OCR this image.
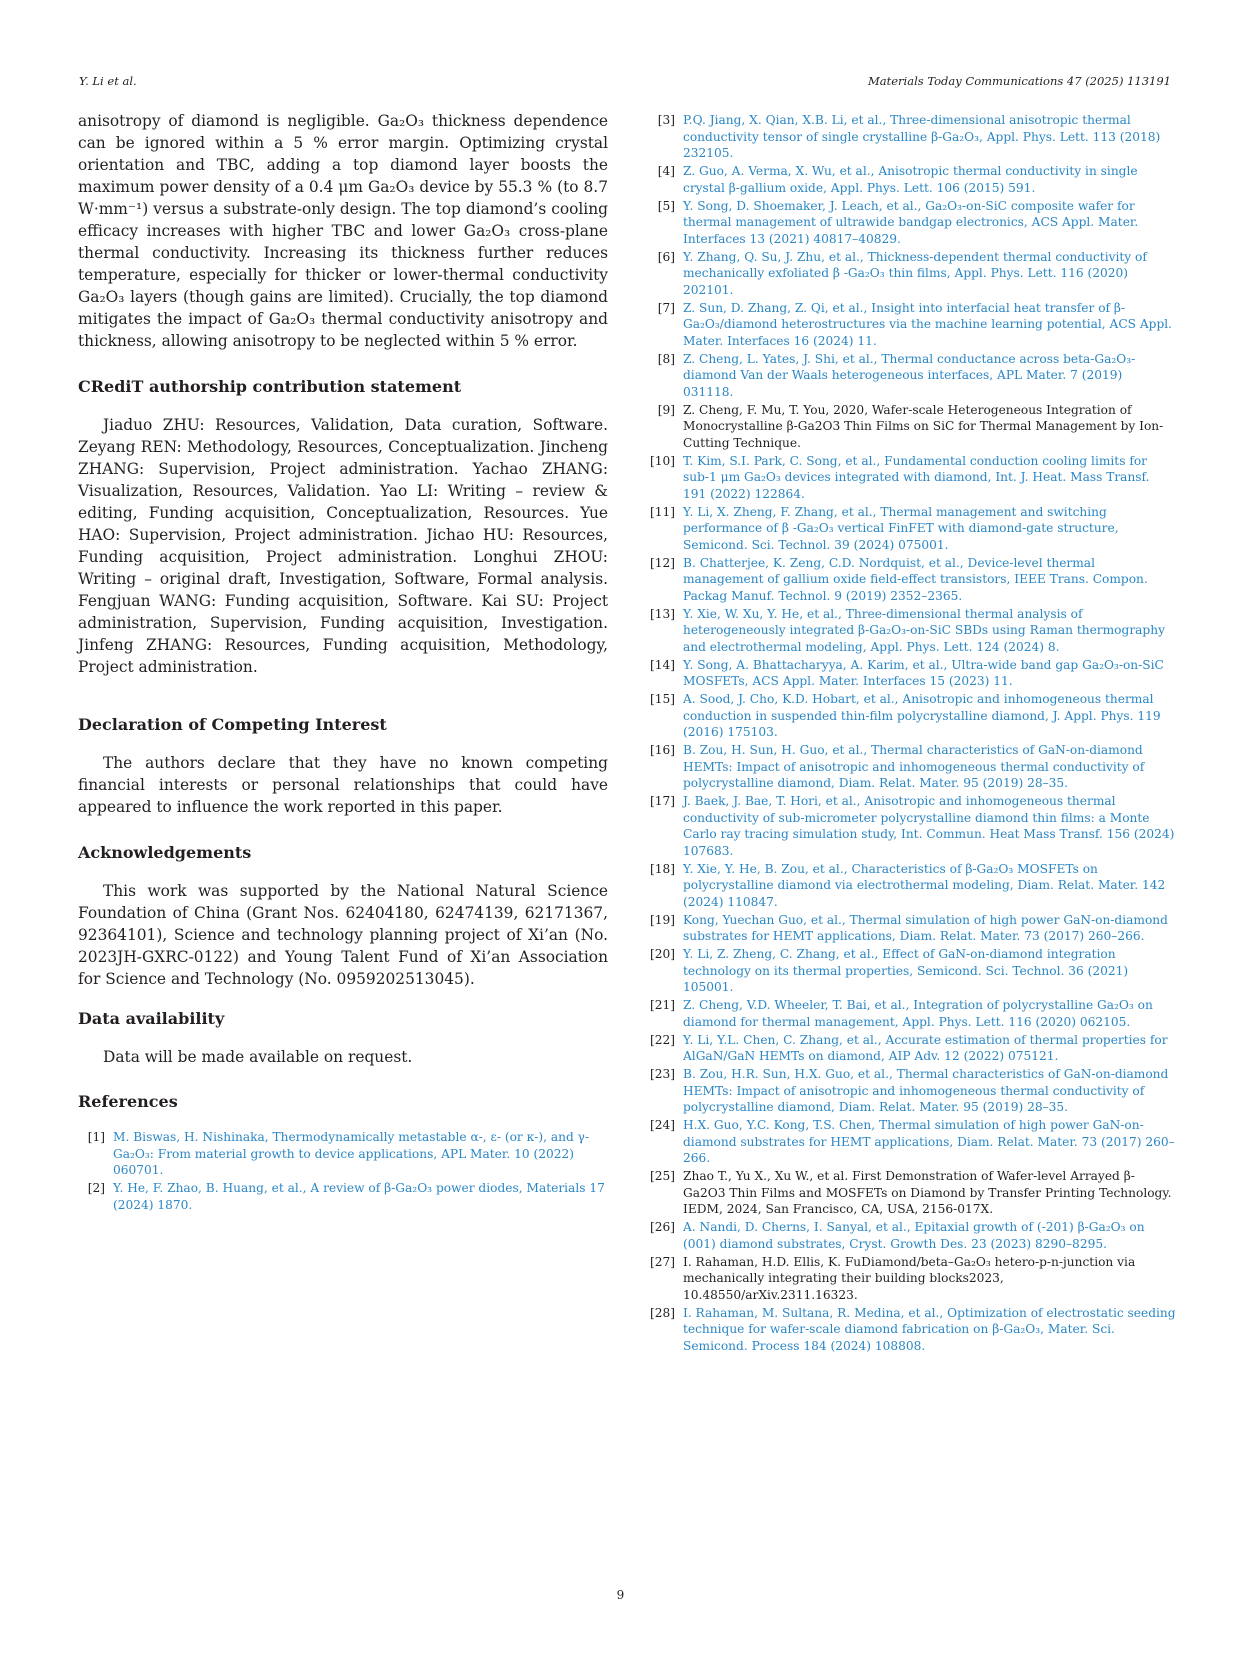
Y. Li et al.	Materials Today Communications 47 (2025) 113191

anisotropy of diamond is negligible. Ga₂O₃ thickness dependence can be ignored within a 5 % error margin. Optimizing crystal orientation and TBC, adding a top diamond layer boosts the maximum power density of a 0.4 μm Ga₂O₃ device by 55.3 % (to 8.7 W·mm⁻¹) versus a substrate-only design. The top diamond’s cooling efficacy increases with higher TBC and lower Ga₂O₃ cross-plane thermal conductivity. Increasing its thickness further reduces temperature, especially for thicker or lower-thermal conductivity Ga₂O₃ layers (though gains are limited). Crucially, the top diamond mitigates the impact of Ga₂O₃ thermal conductivity anisotropy and thickness, allowing anisotropy to be neglected within 5 % error.

CRediT authorship contribution statement

Jiaduo ZHU: Resources, Validation, Data curation, Software. Zeyang REN: Methodology, Resources, Conceptualization. Jincheng ZHANG: Supervision, Project administration. Yachao ZHANG: Visualization, Resources, Validation. Yao LI: Writing – review & editing, Funding acquisition, Conceptualization, Resources. Yue HAO: Supervision, Project administration. Jichao HU: Resources, Funding acquisition, Project administration. Longhui ZHOU: Writing – original draft, Investigation, Software, Formal analysis. Fengjuan WANG: Funding acquisition, Software. Kai SU: Project administration, Supervision, Funding acquisition, Investigation. Jinfeng ZHANG: Resources, Funding acquisition, Methodology, Project administration.

Declaration of Competing Interest

The authors declare that they have no known competing financial interests or personal relationships that could have appeared to influence the work reported in this paper.

Acknowledgements

This work was supported by the National Natural Science Foundation of China (Grant Nos. 62404180, 62474139, 62171367, 92364101), Science and technology planning project of Xi’an (No. 2023JH-GXRC-0122) and Young Talent Fund of Xi’an Association for Science and Technology (No. 0959202513045).

Data availability

Data will be made available on request.

References
[1] M. Biswas, H. Nishinaka, Thermodynamically metastable α-, ε- (or κ-), and γ-Ga₂O₃: From material growth to device applications, APL Mater. 10 (2022) 060701.
[2] Y. He, F. Zhao, B. Huang, et al., A review of β-Ga₂O₃ power diodes, Materials 17 (2024) 1870.
[3] P.Q. Jiang, X. Qian, X.B. Li, et al., Three-dimensional anisotropic thermal conductivity tensor of single crystalline β-Ga₂O₃, Appl. Phys. Lett. 113 (2018) 232105.
[4] Z. Guo, A. Verma, X. Wu, et al., Anisotropic thermal conductivity in single crystal β-gallium oxide, Appl. Phys. Lett. 106 (2015) 591.
[5] Y. Song, D. Shoemaker, J. Leach, et al., Ga₂O₃-on-SiC composite wafer for thermal management of ultrawide bandgap electronics, ACS Appl. Mater. Interfaces 13 (2021) 40817–40829.
[6] Y. Zhang, Q. Su, J. Zhu, et al., Thickness-dependent thermal conductivity of mechanically exfoliated β -Ga₂O₃ thin films, Appl. Phys. Lett. 116 (2020) 202101.
[7] Z. Sun, D. Zhang, Z. Qi, et al., Insight into interfacial heat transfer of β-Ga₂O₃/diamond heterostructures via the machine learning potential, ACS Appl. Mater. Interfaces 16 (2024) 11.
[8] Z. Cheng, L. Yates, J. Shi, et al., Thermal conductance across beta-Ga₂O₃-diamond Van der Waals heterogeneous interfaces, APL Mater. 7 (2019) 031118.
[9] Z. Cheng, F. Mu, T. You, 2020, Wafer-scale Heterogeneous Integration of Monocrystalline β-Ga2O3 Thin Films on SiC for Thermal Management by Ion-Cutting Technique.
[10] T. Kim, S.I. Park, C. Song, et al., Fundamental conduction cooling limits for sub-1 μm Ga₂O₃ devices integrated with diamond, Int. J. Heat. Mass Transf. 191 (2022) 122864.
[11] Y. Li, X. Zheng, F. Zhang, et al., Thermal management and switching performance of β -Ga₂O₃ vertical FinFET with diamond-gate structure, Semicond. Sci. Technol. 39 (2024) 075001.
[12] B. Chatterjee, K. Zeng, C.D. Nordquist, et al., Device-level thermal management of gallium oxide field-effect transistors, IEEE Trans. Compon. Packag Manuf. Technol. 9 (2019) 2352–2365.
[13] Y. Xie, W. Xu, Y. He, et al., Three-dimensional thermal analysis of heterogeneously integrated β-Ga₂O₃-on-SiC SBDs using Raman thermography and electrothermal modeling, Appl. Phys. Lett. 124 (2024) 8.
[14] Y. Song, A. Bhattacharyya, A. Karim, et al., Ultra-wide band gap Ga₂O₃-on-SiC MOSFETs, ACS Appl. Mater. Interfaces 15 (2023) 11.
[15] A. Sood, J. Cho, K.D. Hobart, et al., Anisotropic and inhomogeneous thermal conduction in suspended thin-film polycrystalline diamond, J. Appl. Phys. 119 (2016) 175103.
[16] B. Zou, H. Sun, H. Guo, et al., Thermal characteristics of GaN-on-diamond HEMTs: Impact of anisotropic and inhomogeneous thermal conductivity of polycrystalline diamond, Diam. Relat. Mater. 95 (2019) 28–35.
[17] J. Baek, J. Bae, T. Hori, et al., Anisotropic and inhomogeneous thermal conductivity of sub-micrometer polycrystalline diamond thin films: a Monte Carlo ray tracing simulation study, Int. Commun. Heat Mass Transf. 156 (2024) 107683.
[18] Y. Xie, Y. He, B. Zou, et al., Characteristics of β-Ga₂O₃ MOSFETs on polycrystalline diamond via electrothermal modeling, Diam. Relat. Mater. 142 (2024) 110847.
[19] Kong, Yuechan Guo, et al., Thermal simulation of high power GaN-on-diamond substrates for HEMT applications, Diam. Relat. Mater. 73 (2017) 260–266.
[20] Y. Li, Z. Zheng, C. Zhang, et al., Effect of GaN-on-diamond integration technology on its thermal properties, Semicond. Sci. Technol. 36 (2021) 105001.
[21] Z. Cheng, V.D. Wheeler, T. Bai, et al., Integration of polycrystalline Ga₂O₃ on diamond for thermal management, Appl. Phys. Lett. 116 (2020) 062105.
[22] Y. Li, Y.L. Chen, C. Zhang, et al., Accurate estimation of thermal properties for AlGaN/GaN HEMTs on diamond, AIP Adv. 12 (2022) 075121.
[23] B. Zou, H.R. Sun, H.X. Guo, et al., Thermal characteristics of GaN-on-diamond HEMTs: Impact of anisotropic and inhomogeneous thermal conductivity of polycrystalline diamond, Diam. Relat. Mater. 95 (2019) 28–35.
[24] H.X. Guo, Y.C. Kong, T.S. Chen, Thermal simulation of high power GaN-on-diamond substrates for HEMT applications, Diam. Relat. Mater. 73 (2017) 260–266.
[25] Zhao T., Yu X., Xu W., et al. First Demonstration of Wafer-level Arrayed β-Ga2O3 Thin Films and MOSFETs on Diamond by Transfer Printing Technology. IEDM, 2024, San Francisco, CA, USA, 2156-017X.
[26] A. Nandi, D. Cherns, I. Sanyal, et al., Epitaxial growth of (-201) β-Ga₂O₃ on (001) diamond substrates, Cryst. Growth Des. 23 (2023) 8290–8295.
[27] I. Rahaman, H.D. Ellis, K. FuDiamond/beta–Ga₂O₃ hetero-p-n-junction via mechanically integrating their building blocks2023, 10.48550/arXiv.2311.16323.
[28] I. Rahaman, M. Sultana, R. Medina, et al., Optimization of electrostatic seeding technique for wafer-scale diamond fabrication on β-Ga₂O₃, Mater. Sci. Semicond. Process 184 (2024) 108808.
9
